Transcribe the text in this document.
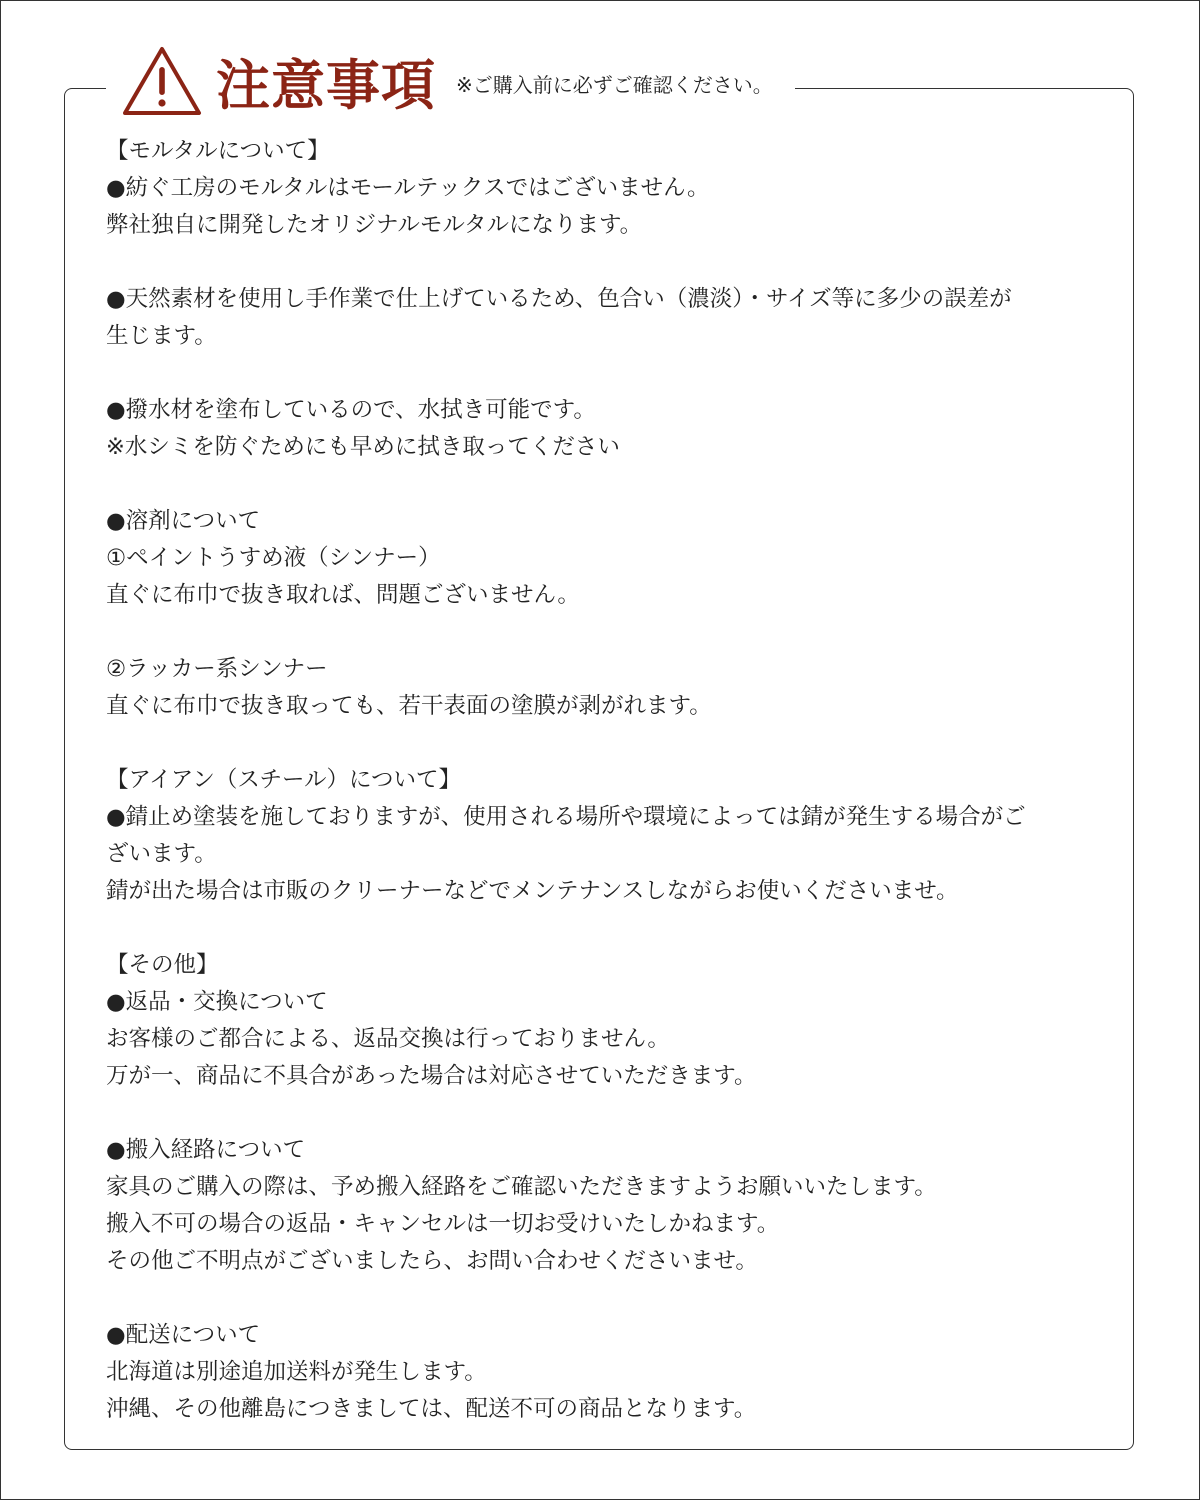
注意事項 ※ご購入前に必ずご確認ください。
【モルタルについて】
●紡ぐ工房のモルタルはモールテックスではございません。
弊社独自に開発したオリジナルモルタルになります。
●天然素材を使用し手作業で仕上げているため、色合い（濃淡）・サイズ等に多少の誤差が
生じます。
●撥水材を塗布しているので、水拭き可能です。
※水シミを防ぐためにも早めに拭き取ってください
●溶剤について
①ペイントうすめ液（シンナー）
直ぐに布巾で抜き取れば、問題ございません。
②ラッカー系シンナー
直ぐに布巾で抜き取っても、若干表面の塗膜が剥がれます。
【アイアン（スチール）について】
●錆止め塗装を施しておりますが、使用される場所や環境によっては錆が発生する場合がご
ざいます。
錆が出た場合は市販のクリーナーなどでメンテナンスしながらお使いくださいませ。
【その他】
●返品・交換について
お客様のご都合による、返品交換は行っておりません。
万が一、商品に不具合があった場合は対応させていただきます。
●搬入経路について
家具のご購入の際は、予め搬入経路をご確認いただきますようお願いいたします。
搬入不可の場合の返品・キャンセルは一切お受けいたしかねます。
その他ご不明点がございましたら、お問い合わせくださいませ。
●配送について
北海道は別途追加送料が発生します。
沖縄、その他離島につきましては、配送不可の商品となります。
